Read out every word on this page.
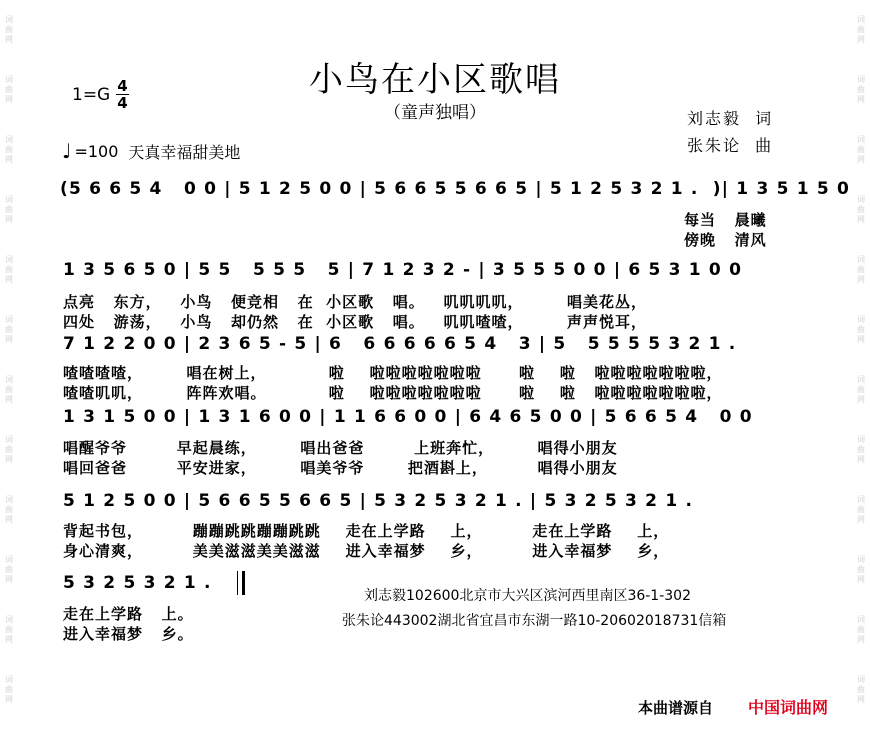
词
曲
网
词
曲
网
词
曲
网
词
曲
网
词
曲
网
词
曲
网
词
曲
网
词
曲
网
词
曲
网
词
曲
网
词
曲
网
词
曲
网
词
曲
网
词
曲
网
词
曲
网
词
曲
网
词
曲
网
词
曲
网
词
曲
网
词
曲
网
词
曲
网
词
曲
网
词
曲
网
词
曲
网
小鸟在小区歌唱
（童声独唱）
$1=G \frac{4}{4}$
♩ =100 天真幸福甜美地
刘志毅  词
张朱论  曲
(5 6 6 5 4   0 0 | 5 1 2 5 0 0 | 5 6 6 5 5 6 6 5 | 5 1 2 5 3 2 1 .  )| 1 3 5 1 5 0
每当   晨曦
傍晚   清风
1 3 5 6 5 0 | 5 5   5 5 5   5 | 7 1 2 3 2 - | 3 5 5 5 0 0 | 6 5 3 1 0 0
点亮   东方，   小鸟   便竞相   在  小区歌   唱。   叽叽叽叽，       唱美花丛，
四处   游荡，   小鸟   却仍然   在  小区歌   唱。   叽叽喳喳，       声声悦耳，
7 1 2 2 0 0 | 2 3 6 5 - 5 | 6   6 6 6 6 6 5 4   3 | 5   5 5 5 5 3 2 1 .
喳喳喳喳，       唱在树上，          啦    啦啦啦啦啦啦啦      啦    啦   啦啦啦啦啦啦啦，
喳喳叽叽，       阵阵欢唱。          啦    啦啦啦啦啦啦啦      啦    啦   啦啦啦啦啦啦啦，
1 3 1 5 0 0 | 1 3 1 6 0 0 | 1 1 6 6 0 0 | 6 4 6 5 0 0 | 5 6 6 5 4   0 0
唱醒爷爷        早起晨练，       唱出爸爸        上班奔忙，       唱得小朋友
唱回爸爸        平安进家，       唱美爷爷       把酒斟上，        唱得小朋友
5 1 2 5 0 0 | 5 6 6 5 5 6 6 5 | 5 3 2 5 3 2 1 . | 5 3 2 5 3 2 1 .
背起书包，        蹦蹦跳跳蹦蹦跳跳    走在上学路    上，        走在上学路    上，
身心清爽，        美美滋滋美美滋滋    进入幸福梦    乡，        进入幸福梦    乡，
5 3 2 5 3 2 1 .
走在上学路   上。
进入幸福梦   乡。
刘志毅102600北京市大兴区滨河西里南区36-1-302
张朱论443002湖北省宜昌市东湖一路10-20602018731信箱
本曲谱源自 中国词曲网
